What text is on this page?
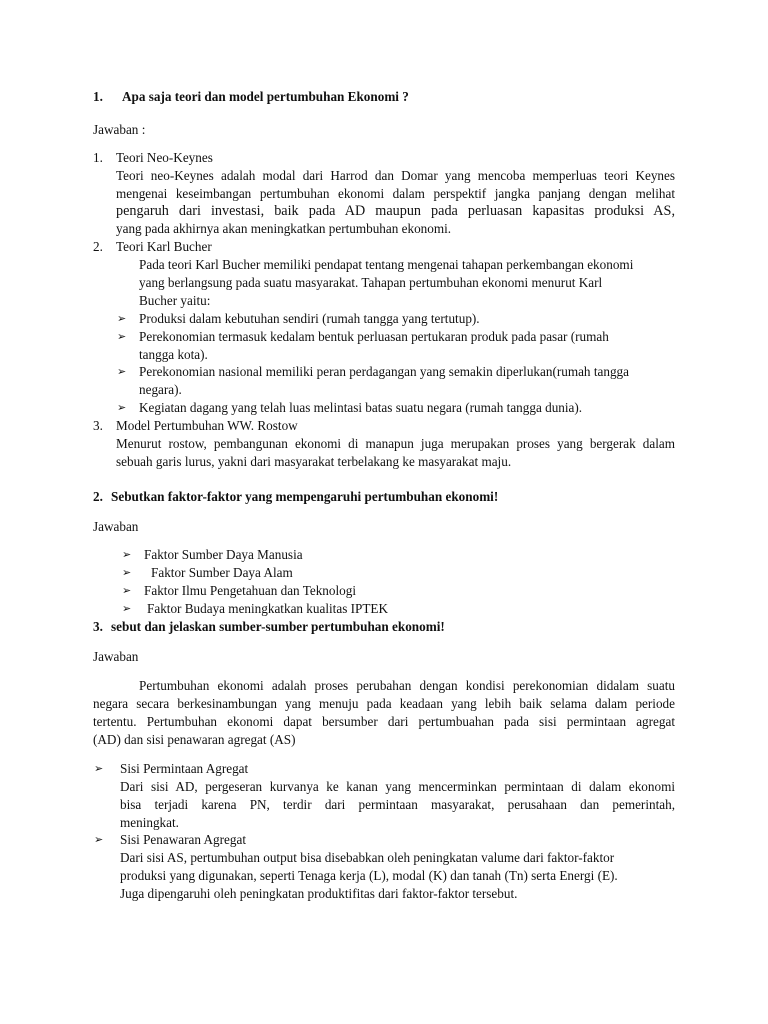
1. Apa saja teori dan model pertumbuhan Ekonomi ?
Jawaban :
1. Teori Neo-Keynes
Teori neo-Keynes adalah modal dari Harrod dan Domar yang mencoba memperluas teori Keynes
mengenai keseimbangan pertumbuhan ekonomi dalam perspektif jangka panjang dengan melihat
pengaruh dari investasi, baik pada AD maupun pada perluasan kapasitas produksi AS,
yang pada akhirnya akan meningkatkan pertumbuhan ekonomi.
2. Teori Karl Bucher
Pada teori Karl Bucher memiliki pendapat tentang mengenai tahapan perkembangan ekonomi
yang berlangsung pada suatu masyarakat. Tahapan pertumbuhan ekonomi menurut Karl
Bucher yaitu:
➢ Produksi dalam kebutuhan sendiri (rumah tangga yang tertutup).
➢ Perekonomian termasuk kedalam bentuk perluasan pertukaran produk pada pasar (rumah
tangga kota).
➢ Perekonomian nasional memiliki peran perdagangan yang semakin diperlukan(rumah tangga
negara).
➢ Kegiatan dagang yang telah luas melintasi batas suatu negara (rumah tangga dunia).
3. Model Pertumbuhan WW. Rostow
Menurut rostow, pembangunan ekonomi di manapun juga merupakan proses yang bergerak dalam
sebuah garis lurus, yakni dari masyarakat terbelakang ke masyarakat maju.
2. Sebutkan faktor-faktor yang mempengaruhi pertumbuhan ekonomi!
Jawaban
➢ Faktor Sumber Daya Manusia
➢ Faktor Sumber Daya Alam
➢ Faktor Ilmu Pengetahuan dan Teknologi
➢ Faktor Budaya meningkatkan kualitas IPTEK
3. sebut dan jelaskan sumber-sumber pertumbuhan ekonomi!
Jawaban
Pertumbuhan ekonomi adalah proses perubahan dengan kondisi perekonomian didalam suatu
negara secara berkesinambungan yang menuju pada keadaan yang lebih baik selama dalam periode
tertentu. Pertumbuhan ekonomi dapat bersumber dari pertumbuahan pada sisi permintaan agregat
(AD) dan sisi penawaran agregat (AS)
➢ Sisi Permintaan Agregat
Dari sisi AD, pergeseran kurvanya ke kanan yang mencerminkan permintaan di dalam ekonomi
bisa terjadi karena PN, terdir dari permintaan masyarakat, perusahaan dan pemerintah,
meningkat.
➢ Sisi Penawaran Agregat
Dari sisi AS, pertumbuhan output bisa disebabkan oleh peningkatan valume dari faktor-faktor
produksi yang digunakan, seperti Tenaga kerja (L), modal (K) dan tanah (Tn) serta Energi (E).
Juga dipengaruhi oleh peningkatan produktifitas dari faktor-faktor tersebut.
